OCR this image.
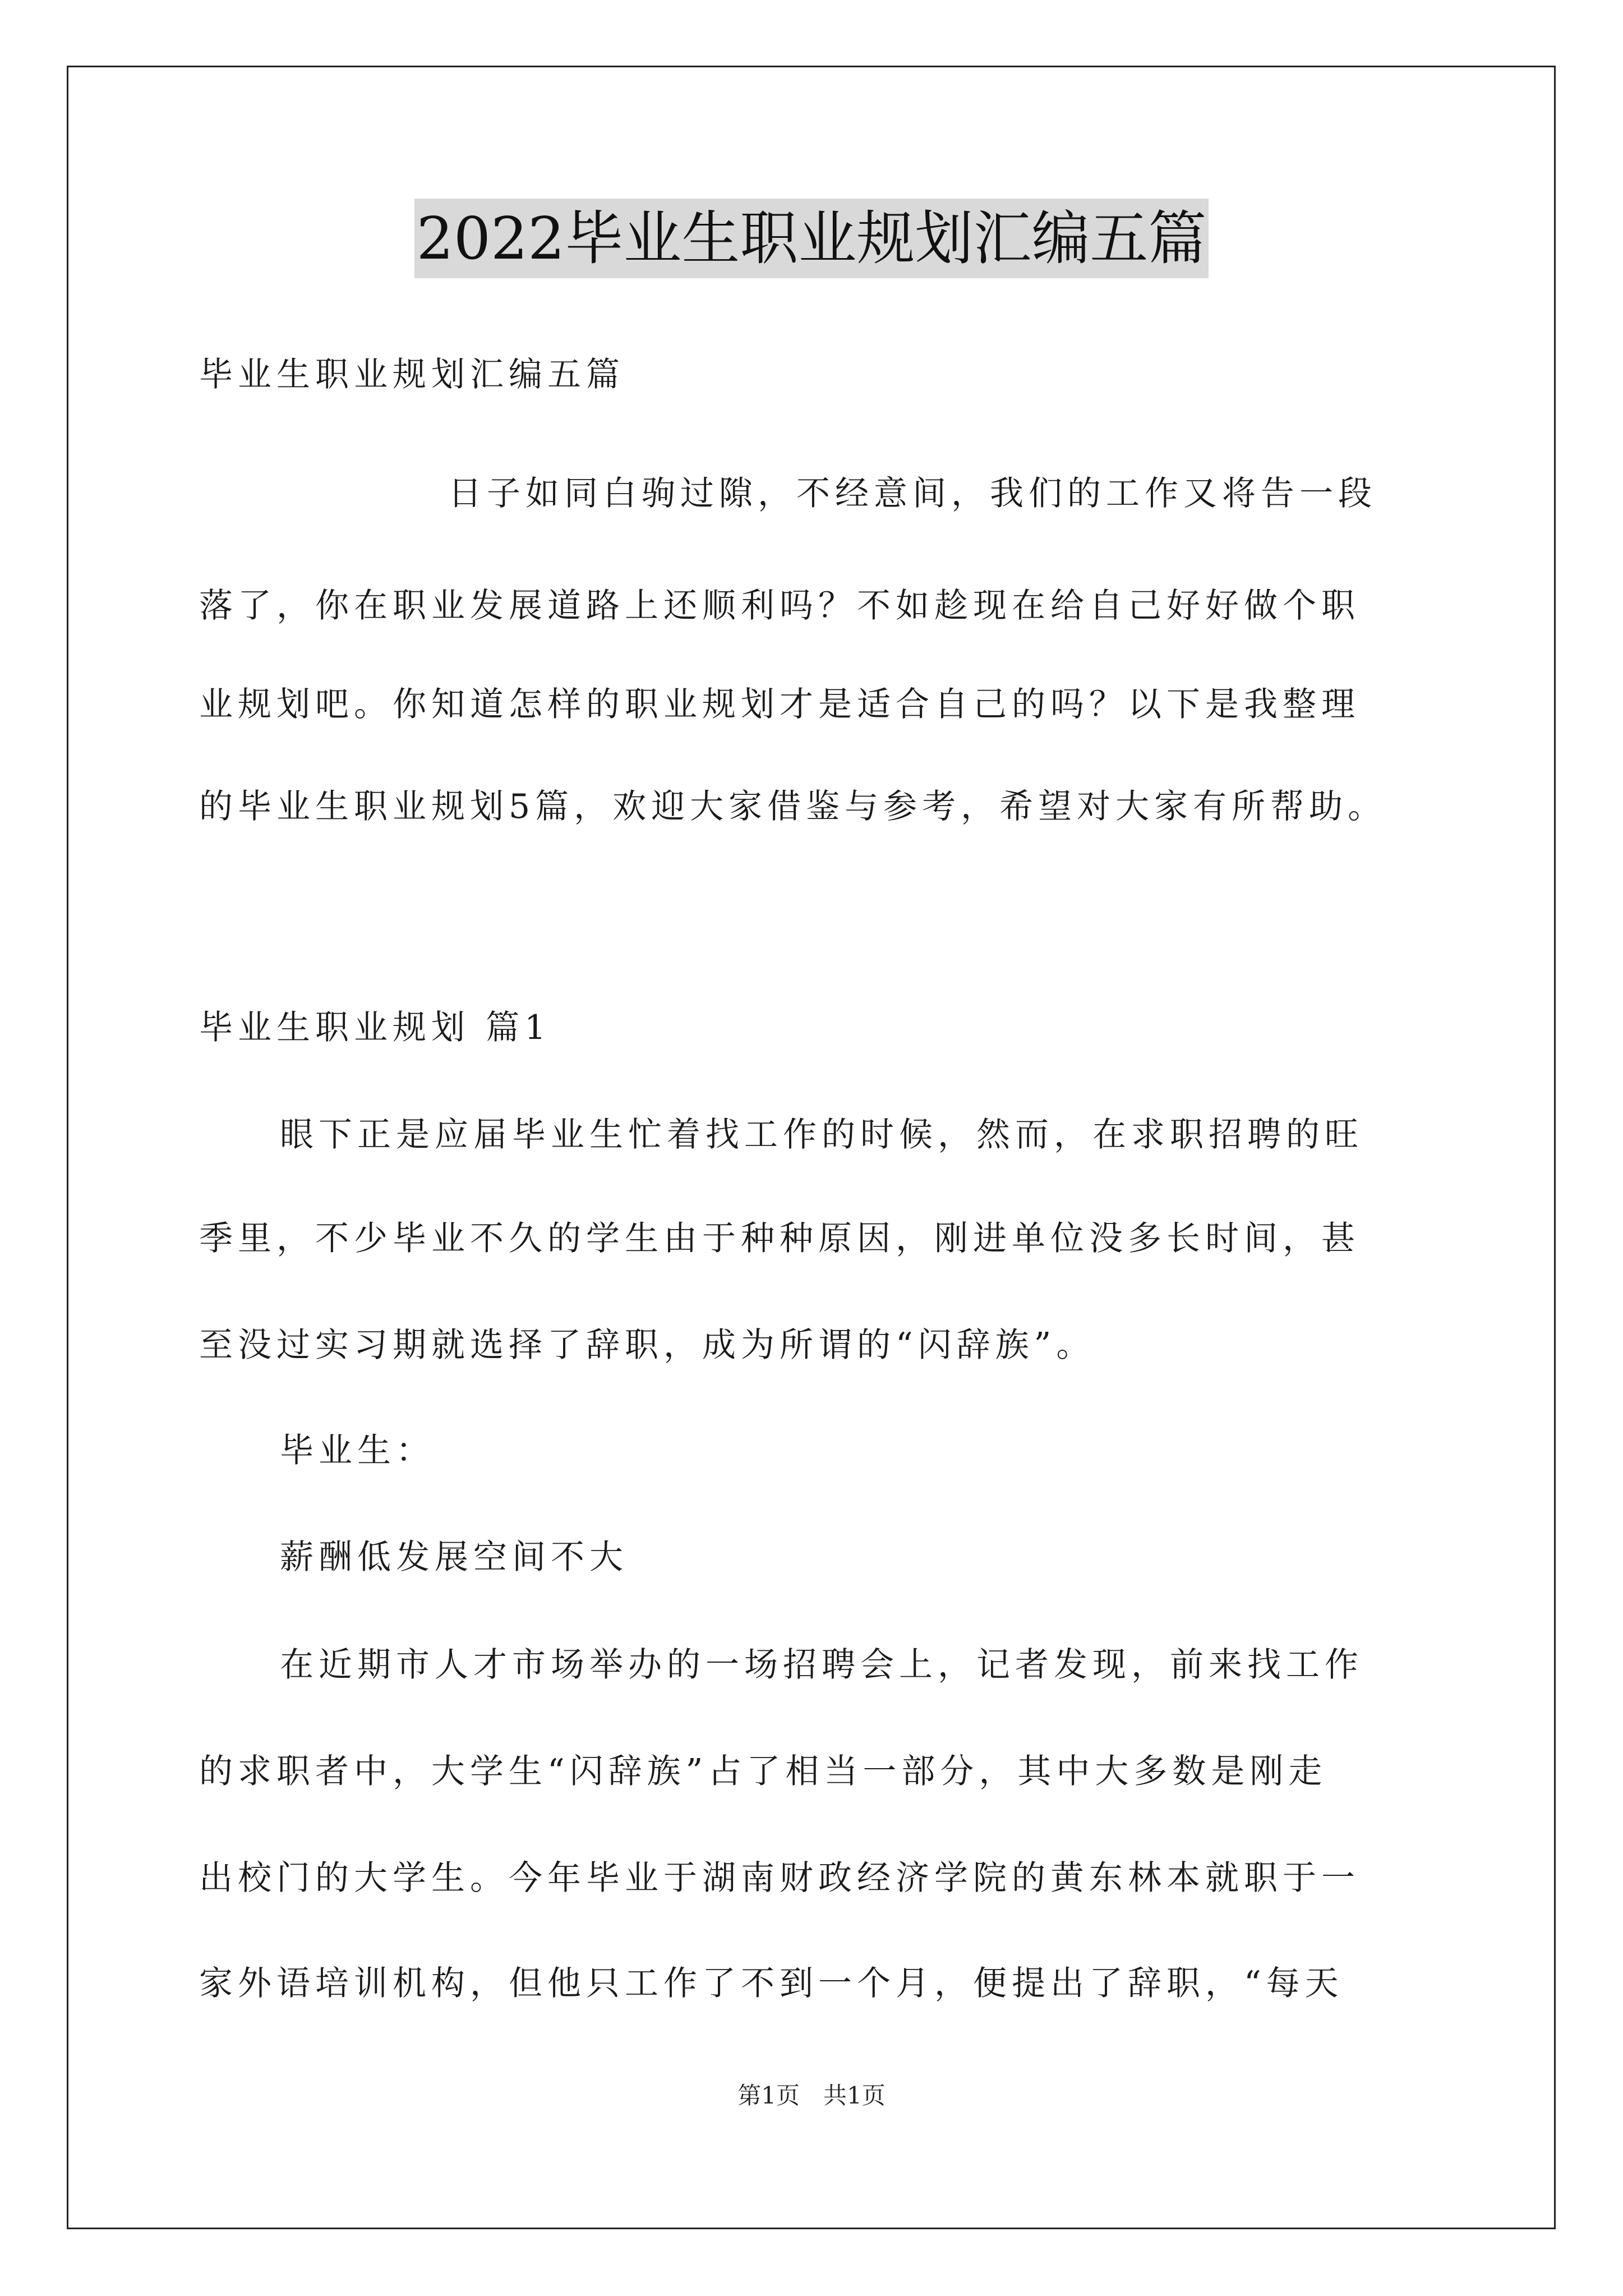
2022毕业生职业规划汇编五篇
毕业生职业规划汇编五篇
日子如同白驹过隙，不经意间，我们的工作又将告一段
落了，你在职业发展道路上还顺利吗？不如趁现在给自己好好做个职
业规划吧。你知道怎样的职业规划才是适合自己的吗？以下是我整理
的毕业生职业规划5篇，欢迎大家借鉴与参考，希望对大家有所帮助。
毕业生职业规划 篇1
眼下正是应届毕业生忙着找工作的时候，然而，在求职招聘的旺
季里，不少毕业不久的学生由于种种原因，刚进单位没多长时间，甚
至没过实习期就选择了辞职，成为所谓的“闪辞族”。
毕业生：
薪酬低发展空间不大
在近期市人才市场举办的一场招聘会上，记者发现，前来找工作
的求职者中，大学生“闪辞族”占了相当一部分，其中大多数是刚走
出校门的大学生。今年毕业于湖南财政经济学院的黄东林本就职于一
家外语培训机构，但他只工作了不到一个月，便提出了辞职，“每天
第1页　共1页
